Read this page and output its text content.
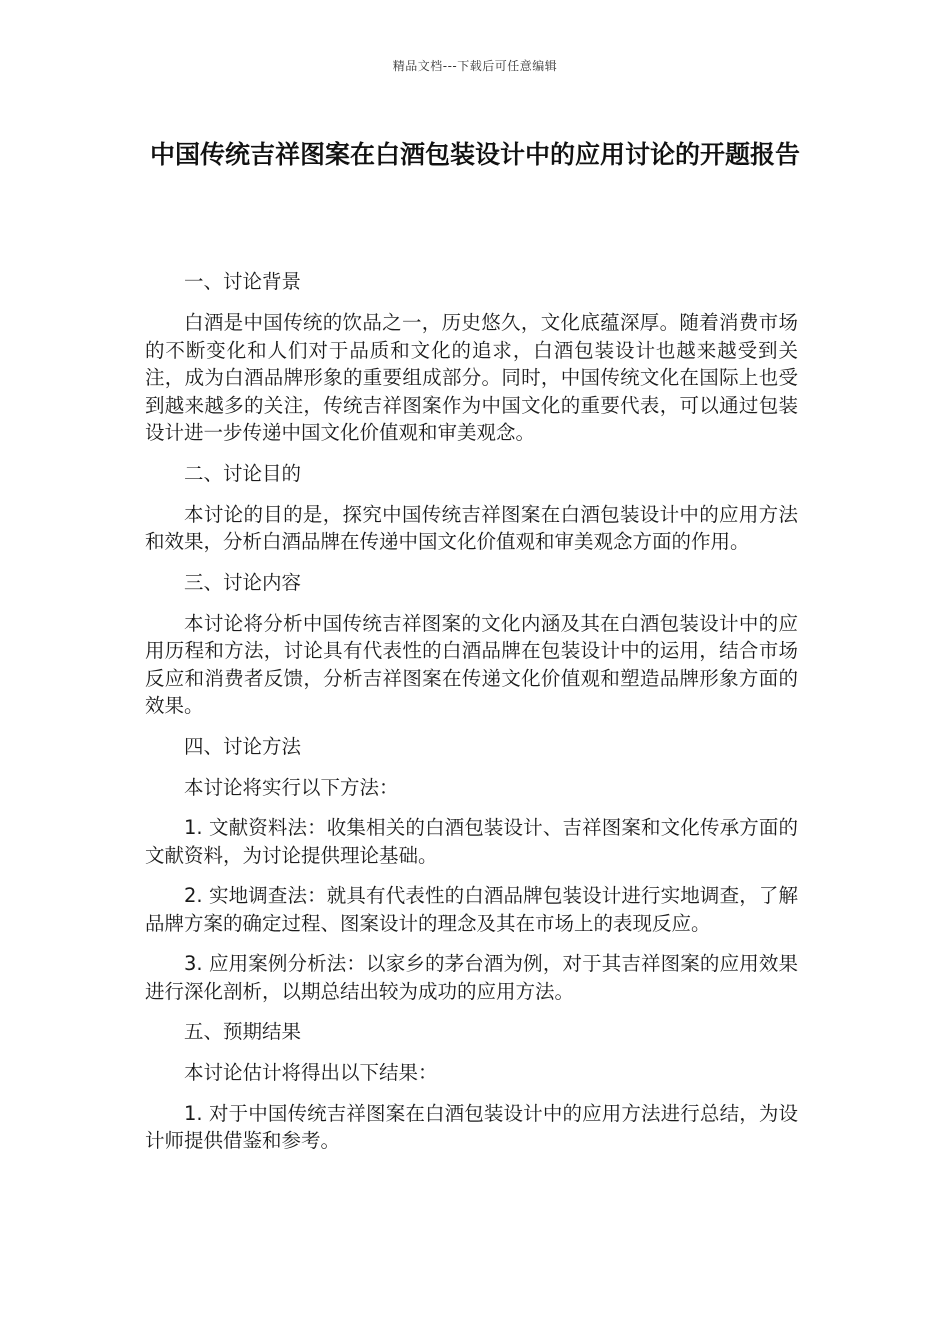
精品文档---下载后可任意编辑
中国传统吉祥图案在白酒包装设计中的应用讨论的开题报告
一、讨论背景
白酒是中国传统的饮品之一，历史悠久，文化底蕴深厚。随着消费市场的不断变化和人们对于品质和文化的追求，白酒包装设计也越来越受到关注，成为白酒品牌形象的重要组成部分。同时，中国传统文化在国际上也受到越来越多的关注，传统吉祥图案作为中国文化的重要代表，可以通过包装设计进一步传递中国文化价值观和审美观念。
二、讨论目的
本讨论的目的是，探究中国传统吉祥图案在白酒包装设计中的应用方法和效果，分析白酒品牌在传递中国文化价值观和审美观念方面的作用。
三、讨论内容
本讨论将分析中国传统吉祥图案的文化内涵及其在白酒包装设计中的应用历程和方法，讨论具有代表性的白酒品牌在包装设计中的运用，结合市场反应和消费者反馈，分析吉祥图案在传递文化价值观和塑造品牌形象方面的效果。
四、讨论方法
本讨论将实行以下方法：
1. 文献资料法：收集相关的白酒包装设计、吉祥图案和文化传承方面的文献资料，为讨论提供理论基础。
2. 实地调查法：就具有代表性的白酒品牌包装设计进行实地调查，了解品牌方案的确定过程、图案设计的理念及其在市场上的表现反应。
3. 应用案例分析法：以家乡的茅台酒为例，对于其吉祥图案的应用效果进行深化剖析，以期总结出较为成功的应用方法。
五、预期结果
本讨论估计将得出以下结果：
1. 对于中国传统吉祥图案在白酒包装设计中的应用方法进行总结，为设计师提供借鉴和参考。
